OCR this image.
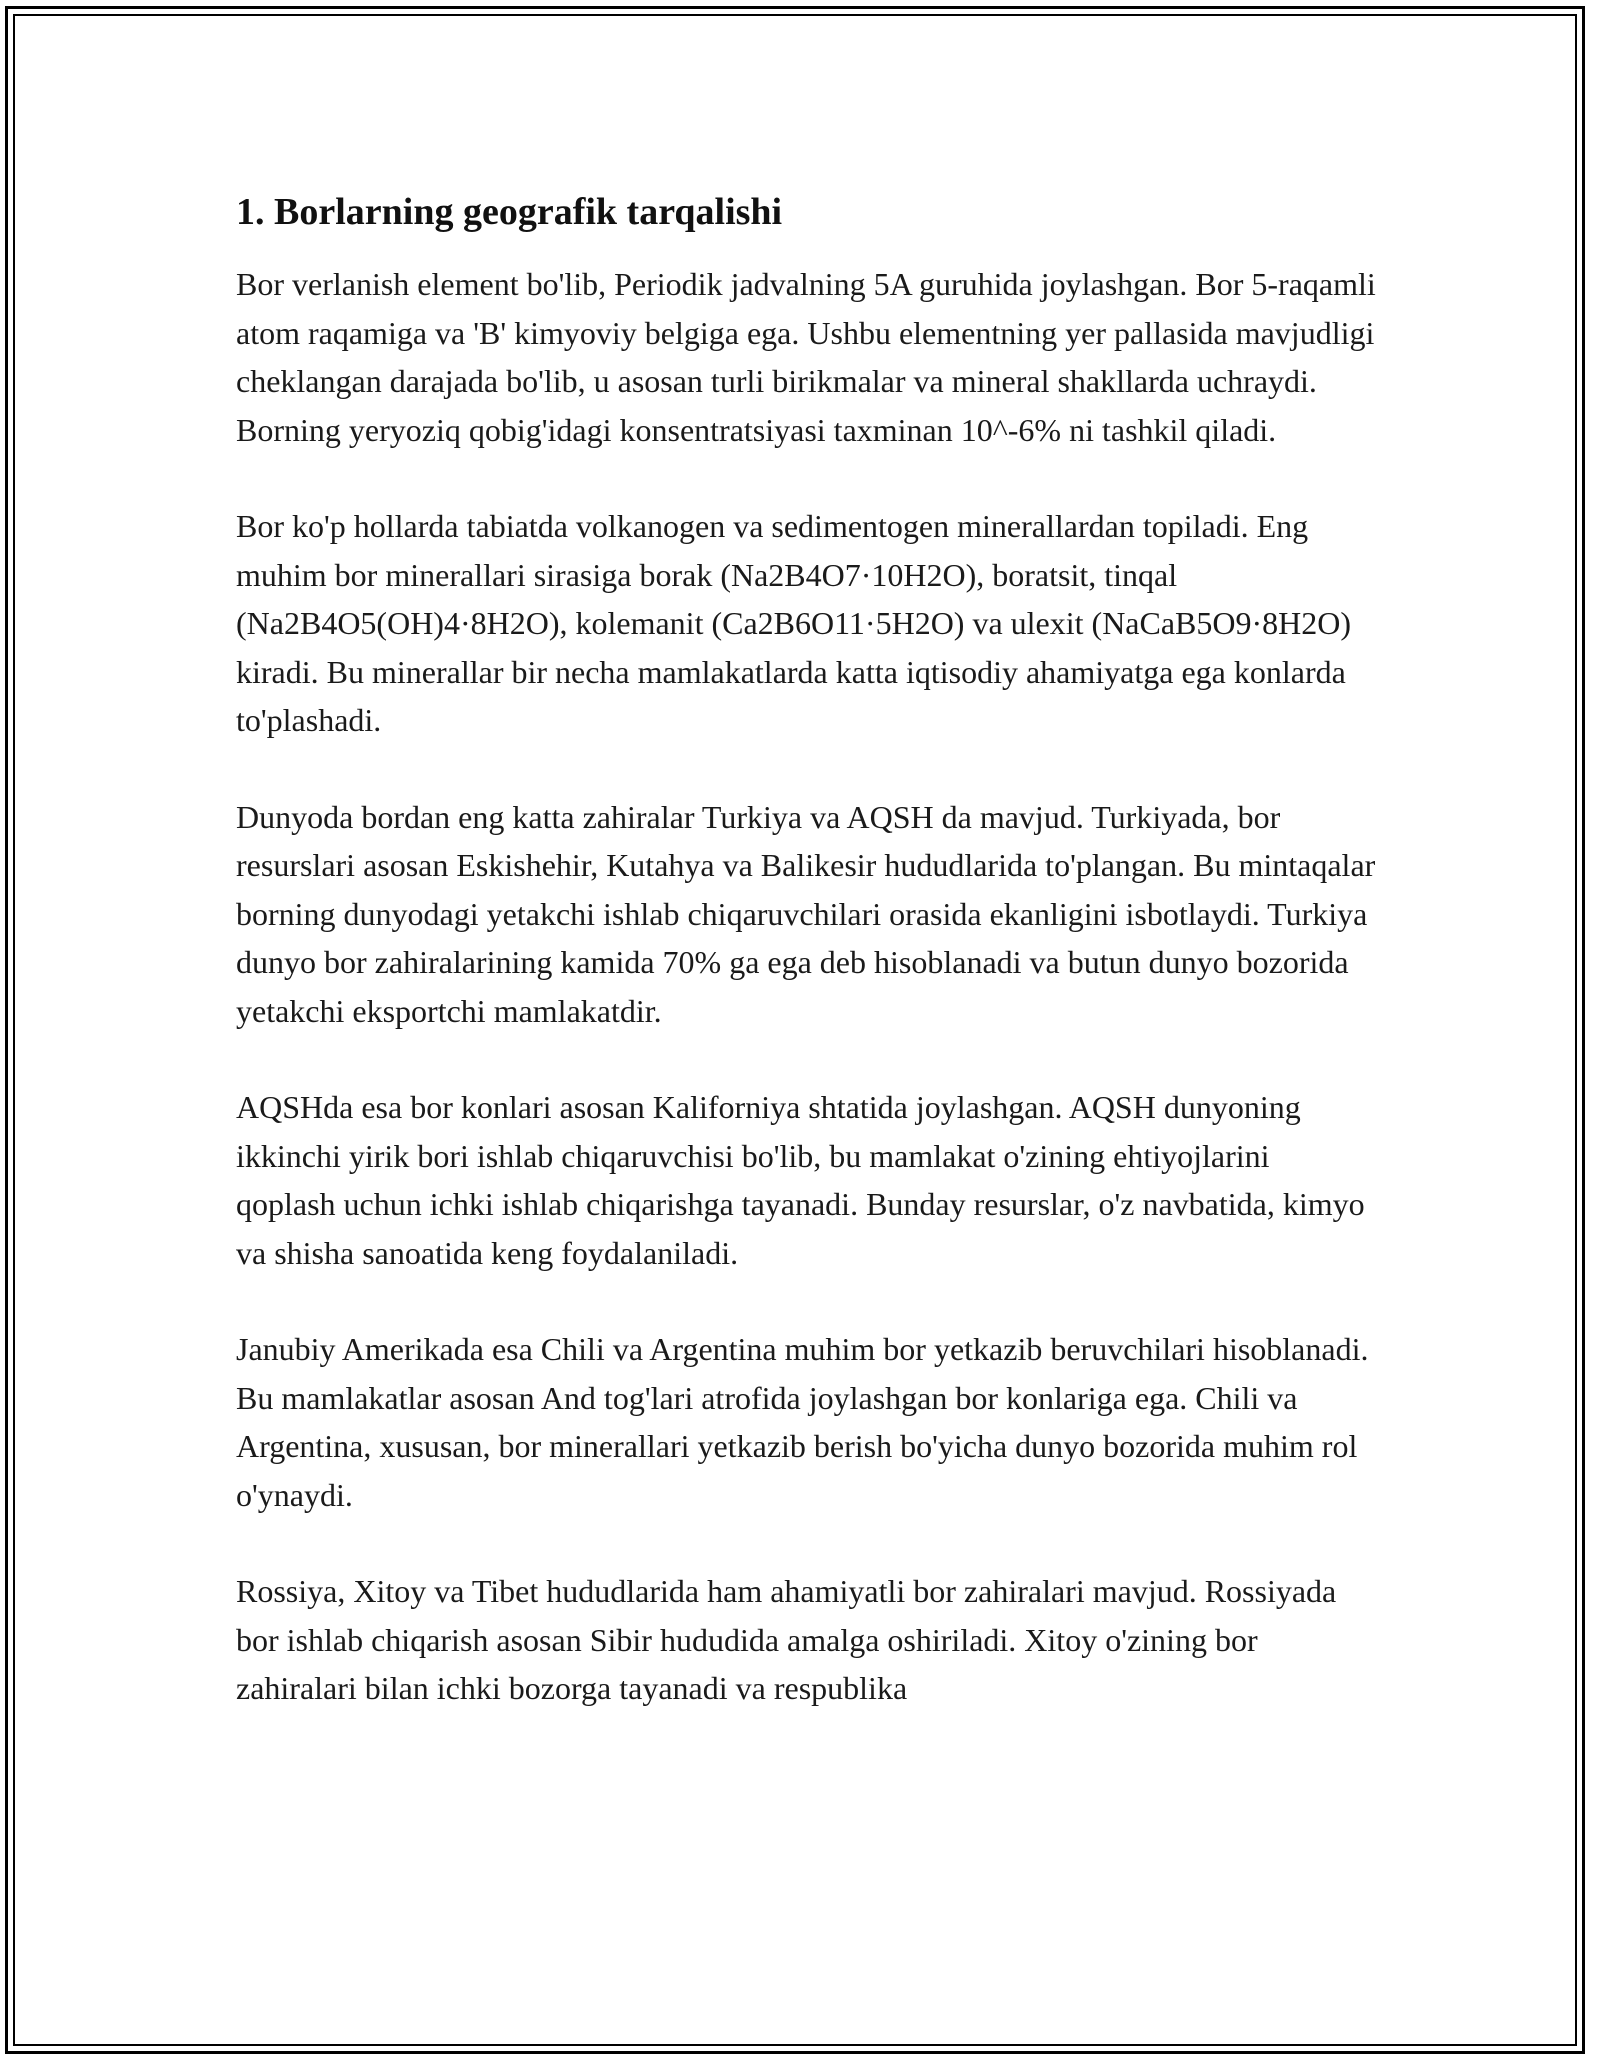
1. Borlarning geografik tarqalishi

Bor verlanish element bo'lib, Periodik jadvalning 5A guruhida joylashgan. Bor 5-raqamli atom raqamiga va 'B' kimyoviy belgiga ega. Ushbu elementning yer pallasida mavjudligi cheklangan darajada bo'lib, u asosan turli birikmalar va mineral shakllarda uchraydi. Borning yeryoziq qobig'idagi konsentratsiyasi taxminan 10^-6% ni tashkil qiladi.

Bor ko'p hollarda tabiatda volkanogen va sedimentogen minerallardan topiladi. Eng muhim bor minerallari sirasiga borak (Na2B4O7·10H2O), boratsit, tinqal (Na2B4O5(OH)4·8H2O), kolemanit (Ca2B6O11·5H2O) va ulexit (NaCaB5O9·8H2O) kiradi. Bu minerallar bir necha mamlakatlarda katta iqtisodiy ahamiyatga ega konlarda to'plashadi.

Dunyoda bordan eng katta zahiralar Turkiya va AQSH da mavjud. Turkiyada, bor resurslari asosan Eskishehir, Kutahya va Balikesir hududlarida to'plangan. Bu mintaqalar borning dunyodagi yetakchi ishlab chiqaruvchilari orasida ekanligini isbotlaydi. Turkiya dunyo bor zahiralarining kamida 70% ga ega deb hisoblanadi va butun dunyo bozorida yetakchi eksportchi mamlakatdir.

AQSHda esa bor konlari asosan Kaliforniya shtatida joylashgan. AQSH dunyoning ikkinchi yirik bori ishlab chiqaruvchisi bo'lib, bu mamlakat o'zining ehtiyojlarini qoplash uchun ichki ishlab chiqarishga tayanadi. Bunday resurslar, o'z navbatida, kimyo va shisha sanoatida keng foydalaniladi.

Janubiy Amerikada esa Chili va Argentina muhim bor yetkazib beruvchilari hisoblanadi. Bu mamlakatlar asosan And tog'lari atrofida joylashgan bor konlariga ega. Chili va Argentina, xususan, bor minerallari yetkazib berish bo'yicha dunyo bozorida muhim rol o'ynaydi.

Rossiya, Xitoy va Tibet hududlarida ham ahamiyatli bor zahiralari mavjud. Rossiyada bor ishlab chiqarish asosan Sibir hududida amalga oshiriladi. Xitoy o'zining bor zahiralari bilan ichki bozorga tayanadi va respublika
